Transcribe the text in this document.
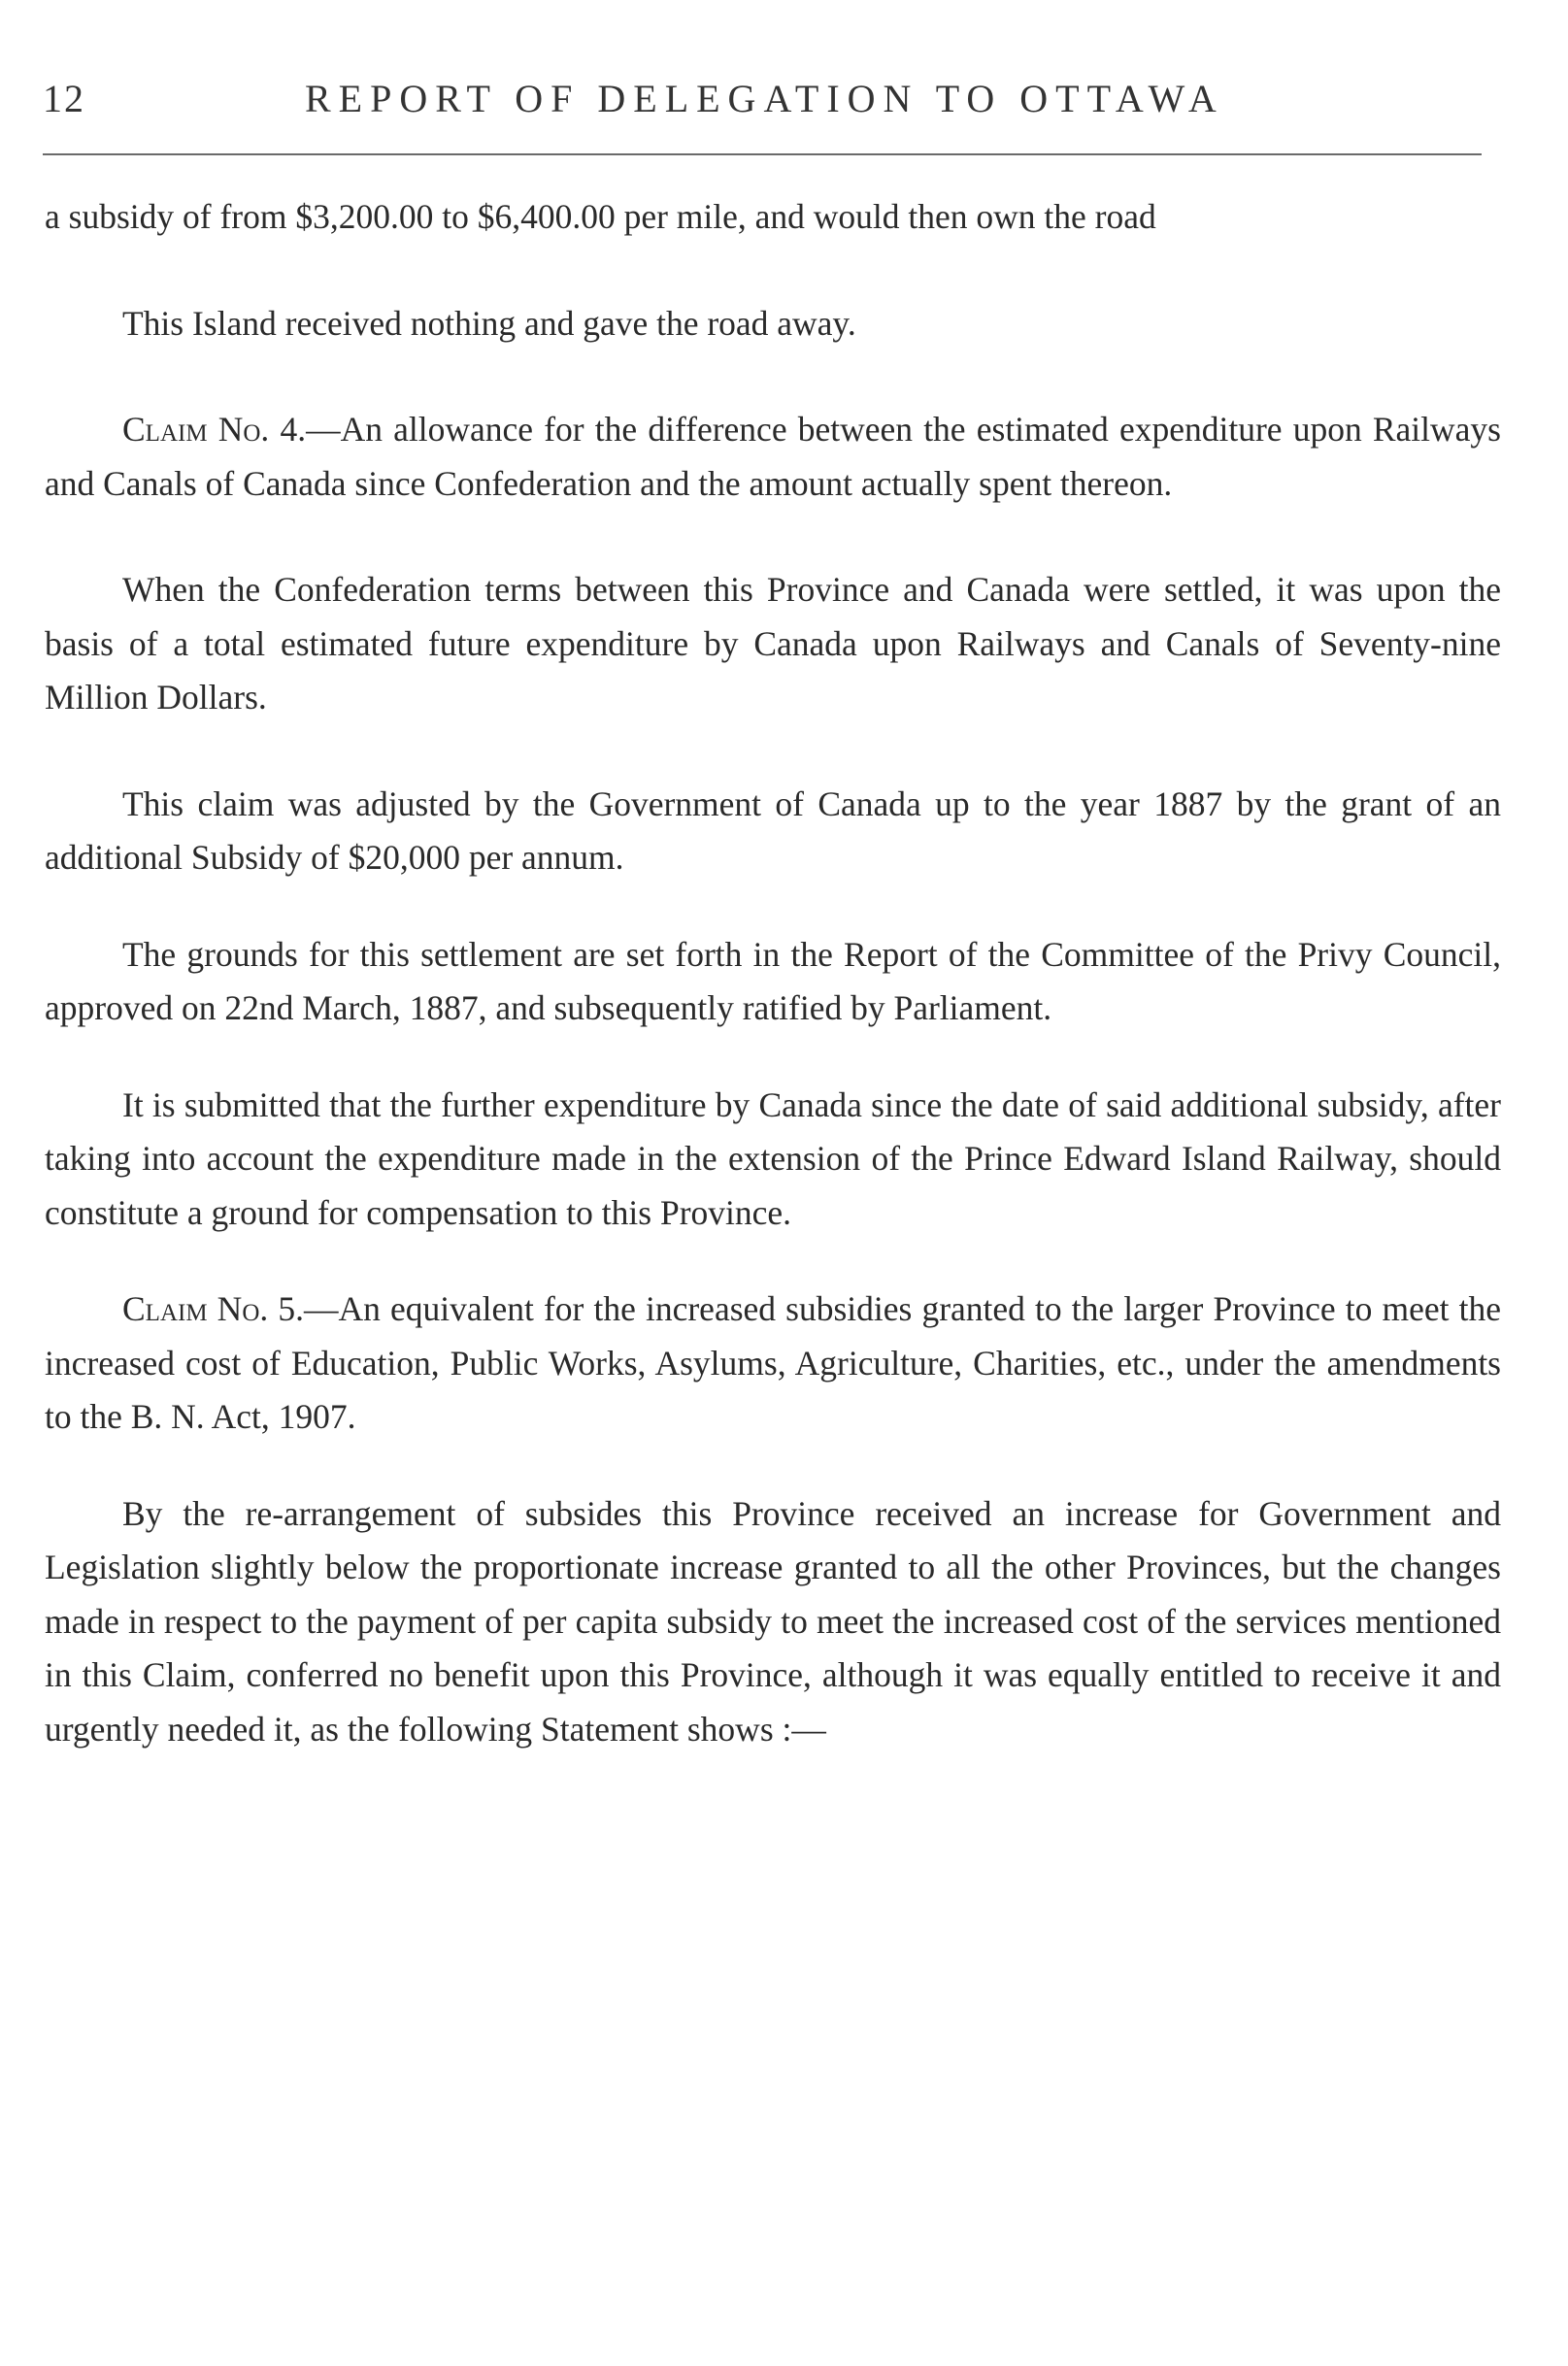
12	REPORT OF DELEGATION TO OTTAWA

a subsidy of from $3,200.00 to $6,400.00 per mile, and would then own the road

This Island received nothing and gave the road away.

Claim No. 4.—An allowance for the difference between the estimated expenditure upon Railways and Canals of Canada since Confederation and the amount actually spent thereon.

When the Confederation terms between this Province and Canada were settled, it was upon the basis of a total estimated future expenditure by Canada upon Railways and Canals of Seventy-nine Million Dollars.

This claim was adjusted by the Government of Canada up to the year 1887 by the grant of an additional Subsidy of $20,000 per annum.

The grounds for this settlement are set forth in the Report of the Committee of the Privy Council, approved on 22nd March, 1887, and subsequently ratified by Parliament.

It is submitted that the further expenditure by Canada since the date of said additional subsidy, after taking into account the expenditure made in the extension of the Prince Edward Island Railway, should constitute a ground for compensation to this Province.

Claim No. 5.—An equivalent for the increased subsidies granted to the larger Province to meet the increased cost of Education, Public Works, Asylums, Agriculture, Charities, etc., under the amendments to the B. N. Act, 1907.

By the re-arrangement of subsides this Province received an increase for Government and Legislation slightly below the proportionate increase granted to all the other Provinces, but the changes made in respect to the payment of per capita subsidy to meet the increased cost of the services mentioned in this Claim, conferred no benefit upon this Province, although it was equally entitled to receive it and urgently needed it, as the following Statement shows :—
